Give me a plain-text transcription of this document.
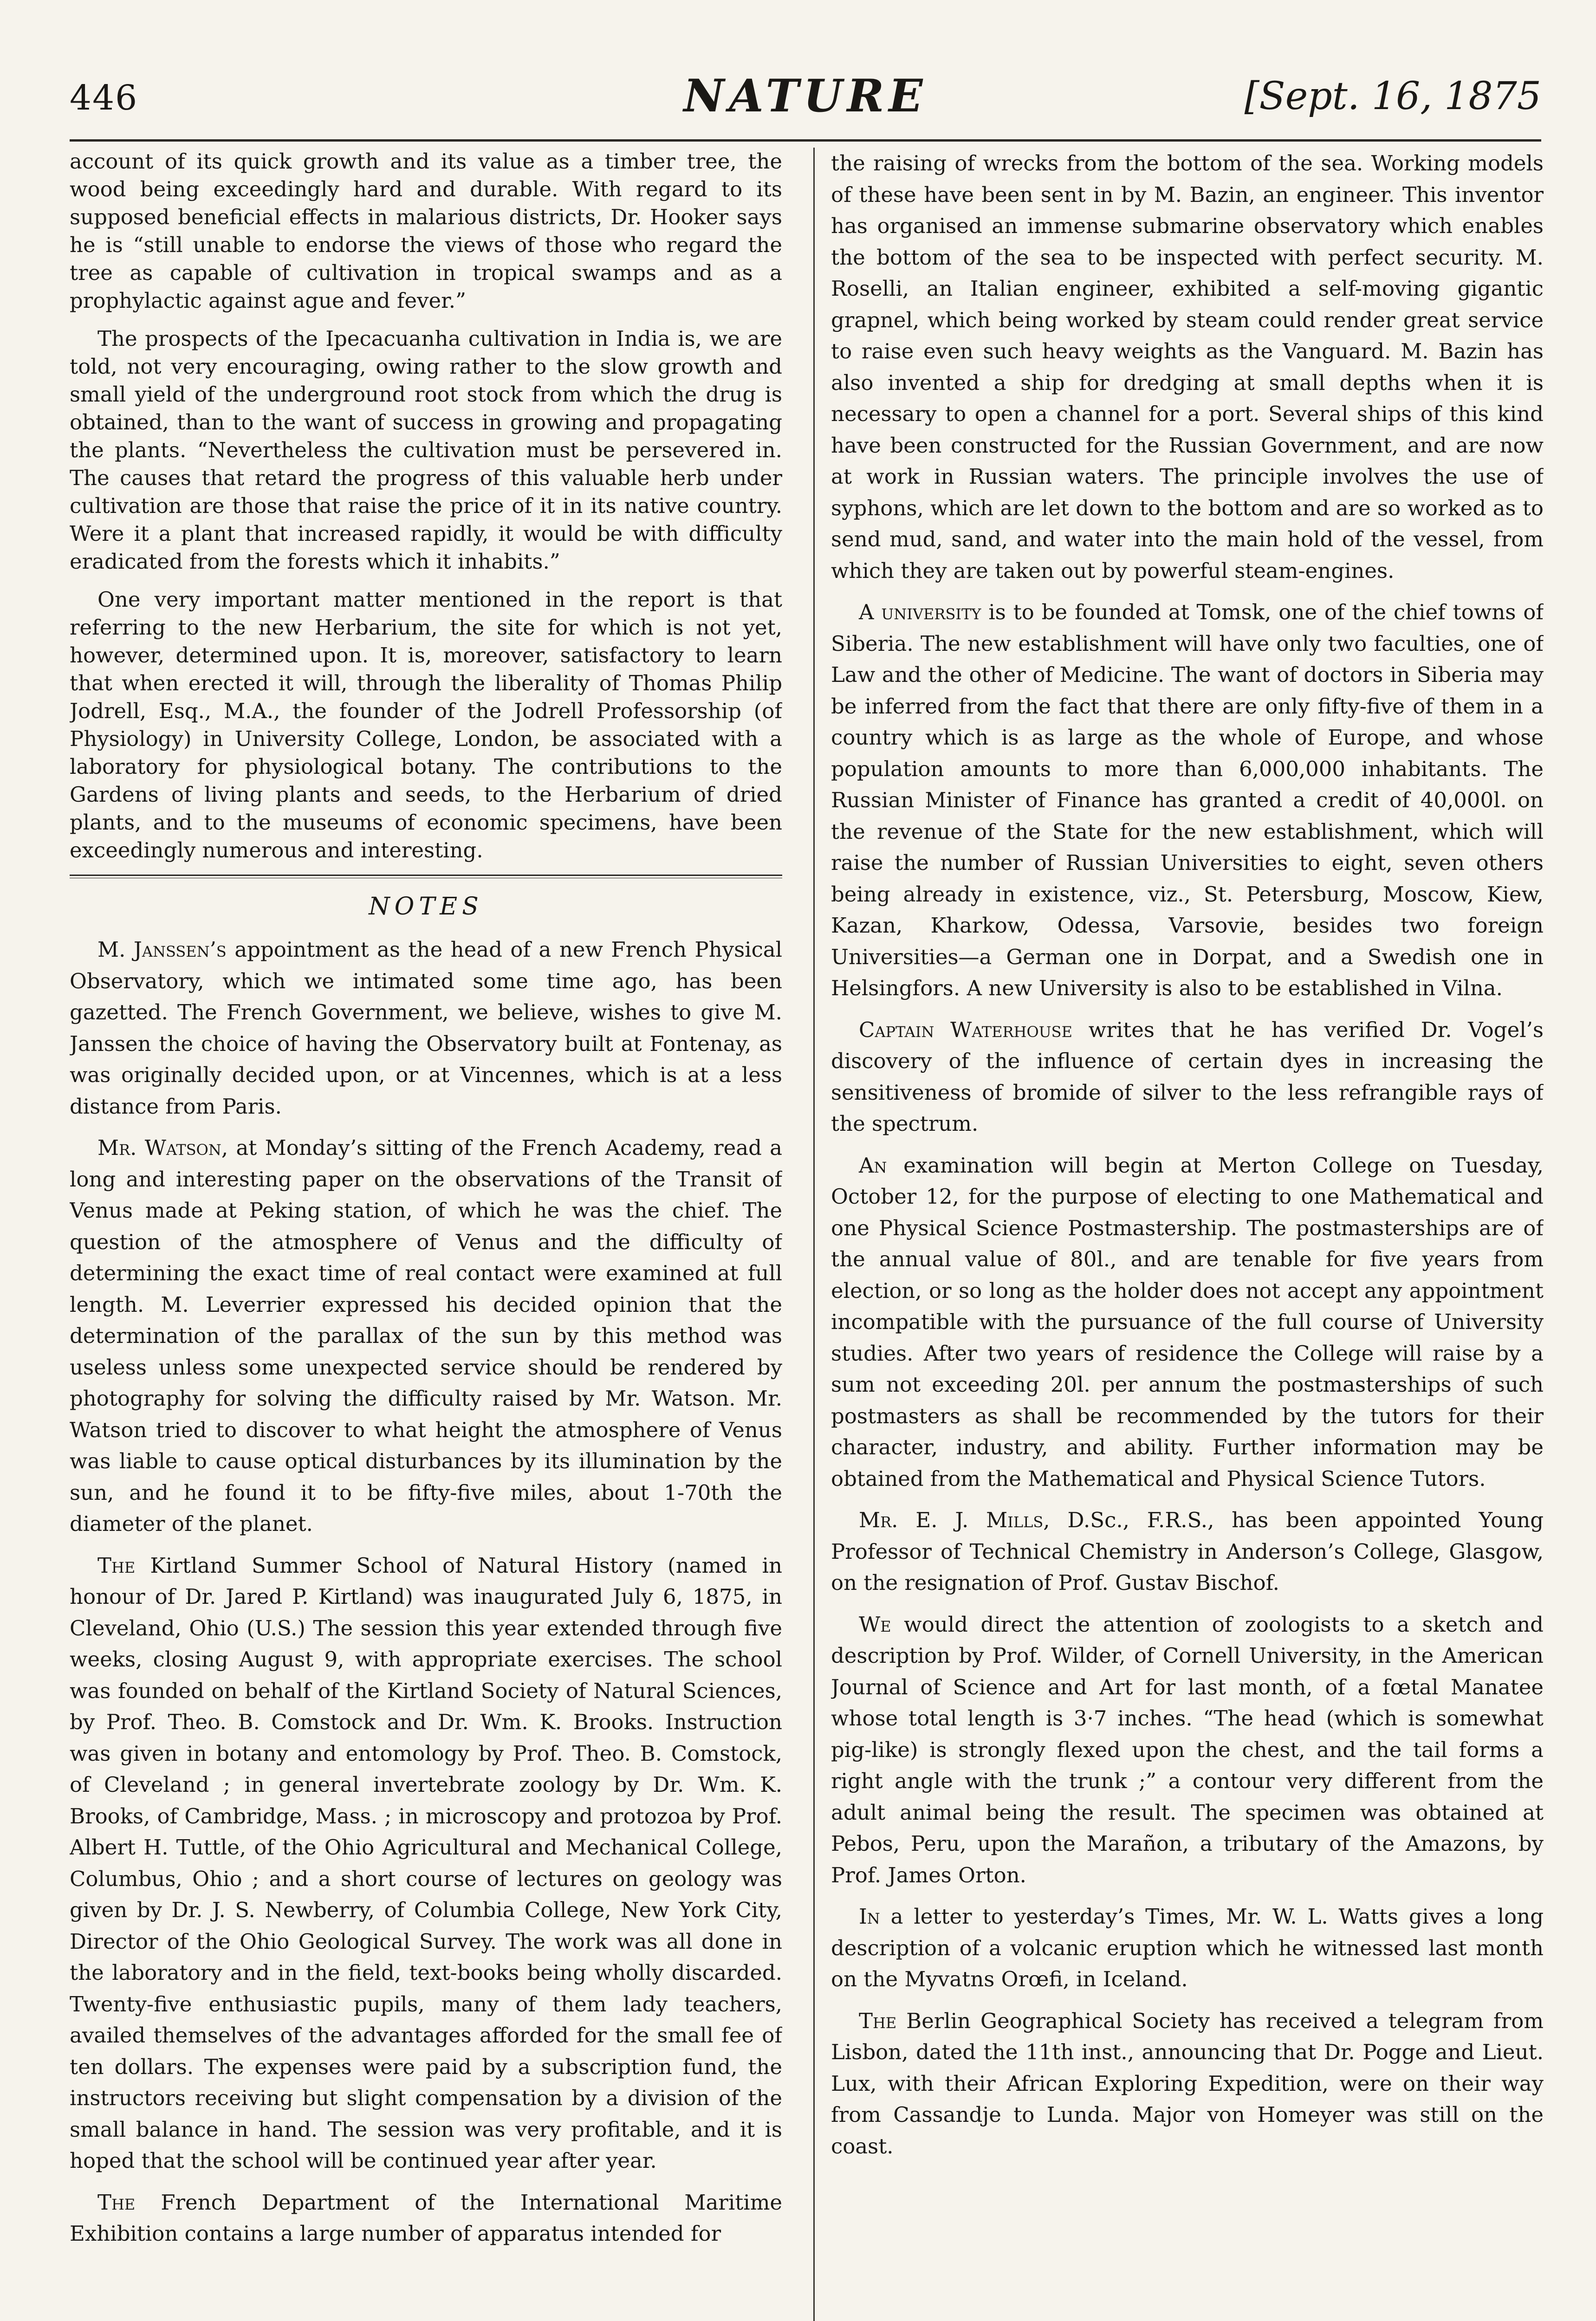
446	NATURE	[Sept. 16, 1875

account of its quick growth and its value as a timber tree, the wood being exceedingly hard and durable. With regard to its supposed beneficial effects in malarious districts, Dr. Hooker says he is “still unable to endorse the views of those who regard the tree as capable of cultivation in tropical swamps and as a prophylactic against ague and fever.”

The prospects of the Ipecacuanha cultivation in India is, we are told, not very encouraging, owing rather to the slow growth and small yield of the underground root stock from which the drug is obtained, than to the want of success in growing and propagating the plants. “Nevertheless the cultivation must be persevered in. The causes that retard the progress of this valuable herb under cultivation are those that raise the price of it in its native country. Were it a plant that increased rapidly, it would be with difficulty eradicated from the forests which it inhabits.”

One very important matter mentioned in the report is that referring to the new Herbarium, the site for which is not yet, however, determined upon. It is, moreover, satisfactory to learn that when erected it will, through the liberality of Thomas Philip Jodrell, Esq., M.A., the founder of the Jodrell Professorship (of Physiology) in University College, London, be associated with a laboratory for physiological botany. The contributions to the Gardens of living plants and seeds, to the Herbarium of dried plants, and to the museums of economic specimens, have been exceedingly numerous and interesting.

NOTES

M. Janssen’s appointment as the head of a new French Physical Observatory, which we intimated some time ago, has been gazetted. The French Government, we believe, wishes to give M. Janssen the choice of having the Observatory built at Fontenay, as was originally decided upon, or at Vincennes, which is at a less distance from Paris.

Mr. Watson, at Monday’s sitting of the French Academy, read a long and interesting paper on the observations of the Transit of Venus made at Peking station, of which he was the chief. The question of the atmosphere of Venus and the difficulty of determining the exact time of real contact were examined at full length. M. Leverrier expressed his decided opinion that the determination of the parallax of the sun by this method was useless unless some unexpected service should be rendered by photography for solving the difficulty raised by Mr. Watson. Mr. Watson tried to discover to what height the atmosphere of Venus was liable to cause optical disturbances by its illumination by the sun, and he found it to be fifty-five miles, about 1-70th the diameter of the planet.

The Kirtland Summer School of Natural History (named in honour of Dr. Jared P. Kirtland) was inaugurated July 6, 1875, in Cleveland, Ohio (U.S.) The session this year extended through five weeks, closing August 9, with appropriate exercises. The school was founded on behalf of the Kirtland Society of Natural Sciences, by Prof. Theo. B. Comstock and Dr. Wm. K. Brooks. Instruction was given in botany and entomology by Prof. Theo. B. Comstock, of Cleveland ; in general invertebrate zoology by Dr. Wm. K. Brooks, of Cambridge, Mass. ; in microscopy and protozoa by Prof. Albert H. Tuttle, of the Ohio Agricultural and Mechanical College, Columbus, Ohio ; and a short course of lectures on geology was given by Dr. J. S. Newberry, of Columbia College, New York City, Director of the Ohio Geological Survey. The work was all done in the laboratory and in the field, text-books being wholly discarded. Twenty-five enthusiastic pupils, many of them lady teachers, availed themselves of the advantages afforded for the small fee of ten dollars. The expenses were paid by a subscription fund, the instructors receiving but slight compensation by a division of the small balance in hand. The session was very profitable, and it is hoped that the school will be continued year after year.

The French Department of the International Maritime Exhibition contains a large number of apparatus intended for

the raising of wrecks from the bottom of the sea. Working models of these have been sent in by M. Bazin, an engineer. This inventor has organised an immense submarine observatory which enables the bottom of the sea to be inspected with perfect security. M. Roselli, an Italian engineer, exhibited a self-moving gigantic grapnel, which being worked by steam could render great service to raise even such heavy weights as the Vanguard. M. Bazin has also invented a ship for dredging at small depths when it is necessary to open a channel for a port. Several ships of this kind have been constructed for the Russian Government, and are now at work in Russian waters. The principle involves the use of syphons, which are let down to the bottom and are so worked as to send mud, sand, and water into the main hold of the vessel, from which they are taken out by powerful steam-engines.

A university is to be founded at Tomsk, one of the chief towns of Siberia. The new establishment will have only two faculties, one of Law and the other of Medicine. The want of doctors in Siberia may be inferred from the fact that there are only fifty-five of them in a country which is as large as the whole of Europe, and whose population amounts to more than 6,000,000 inhabitants. The Russian Minister of Finance has granted a credit of 40,000l. on the revenue of the State for the new establishment, which will raise the number of Russian Universities to eight, seven others being already in existence, viz., St. Petersburg, Moscow, Kiew, Kazan, Kharkow, Odessa, Varsovie, besides two foreign Universities—a German one in Dorpat, and a Swedish one in Helsingfors. A new University is also to be established in Vilna.

Captain Waterhouse writes that he has verified Dr. Vogel’s discovery of the influence of certain dyes in increasing the sensitiveness of bromide of silver to the less refrangible rays of the spectrum.

An examination will begin at Merton College on Tuesday, October 12, for the purpose of electing to one Mathematical and one Physical Science Postmastership. The postmasterships are of the annual value of 80l., and are tenable for five years from election, or so long as the holder does not accept any appointment incompatible with the pursuance of the full course of University studies. After two years of residence the College will raise by a sum not exceeding 20l. per annum the postmasterships of such postmasters as shall be recommended by the tutors for their character, industry, and ability. Further information may be obtained from the Mathematical and Physical Science Tutors.

Mr. E. J. Mills, D.Sc., F.R.S., has been appointed Young Professor of Technical Chemistry in Anderson’s College, Glasgow, on the resignation of Prof. Gustav Bischof.

We would direct the attention of zoologists to a sketch and description by Prof. Wilder, of Cornell University, in the American Journal of Science and Art for last month, of a fœtal Manatee whose total length is 3·7 inches. “The head (which is somewhat pig-like) is strongly flexed upon the chest, and the tail forms a right angle with the trunk ;” a contour very different from the adult animal being the result. The specimen was obtained at Pebos, Peru, upon the Marañon, a tributary of the Amazons, by Prof. James Orton.

In a letter to yesterday’s Times, Mr. W. L. Watts gives a long description of a volcanic eruption which he witnessed last month on the Myvatns Orœfi, in Iceland.

The Berlin Geographical Society has received a telegram from Lisbon, dated the 11th inst., announcing that Dr. Pogge and Lieut. Lux, with their African Exploring Expedition, were on their way from Cassandje to Lunda. Major von Homeyer was still on the coast.
